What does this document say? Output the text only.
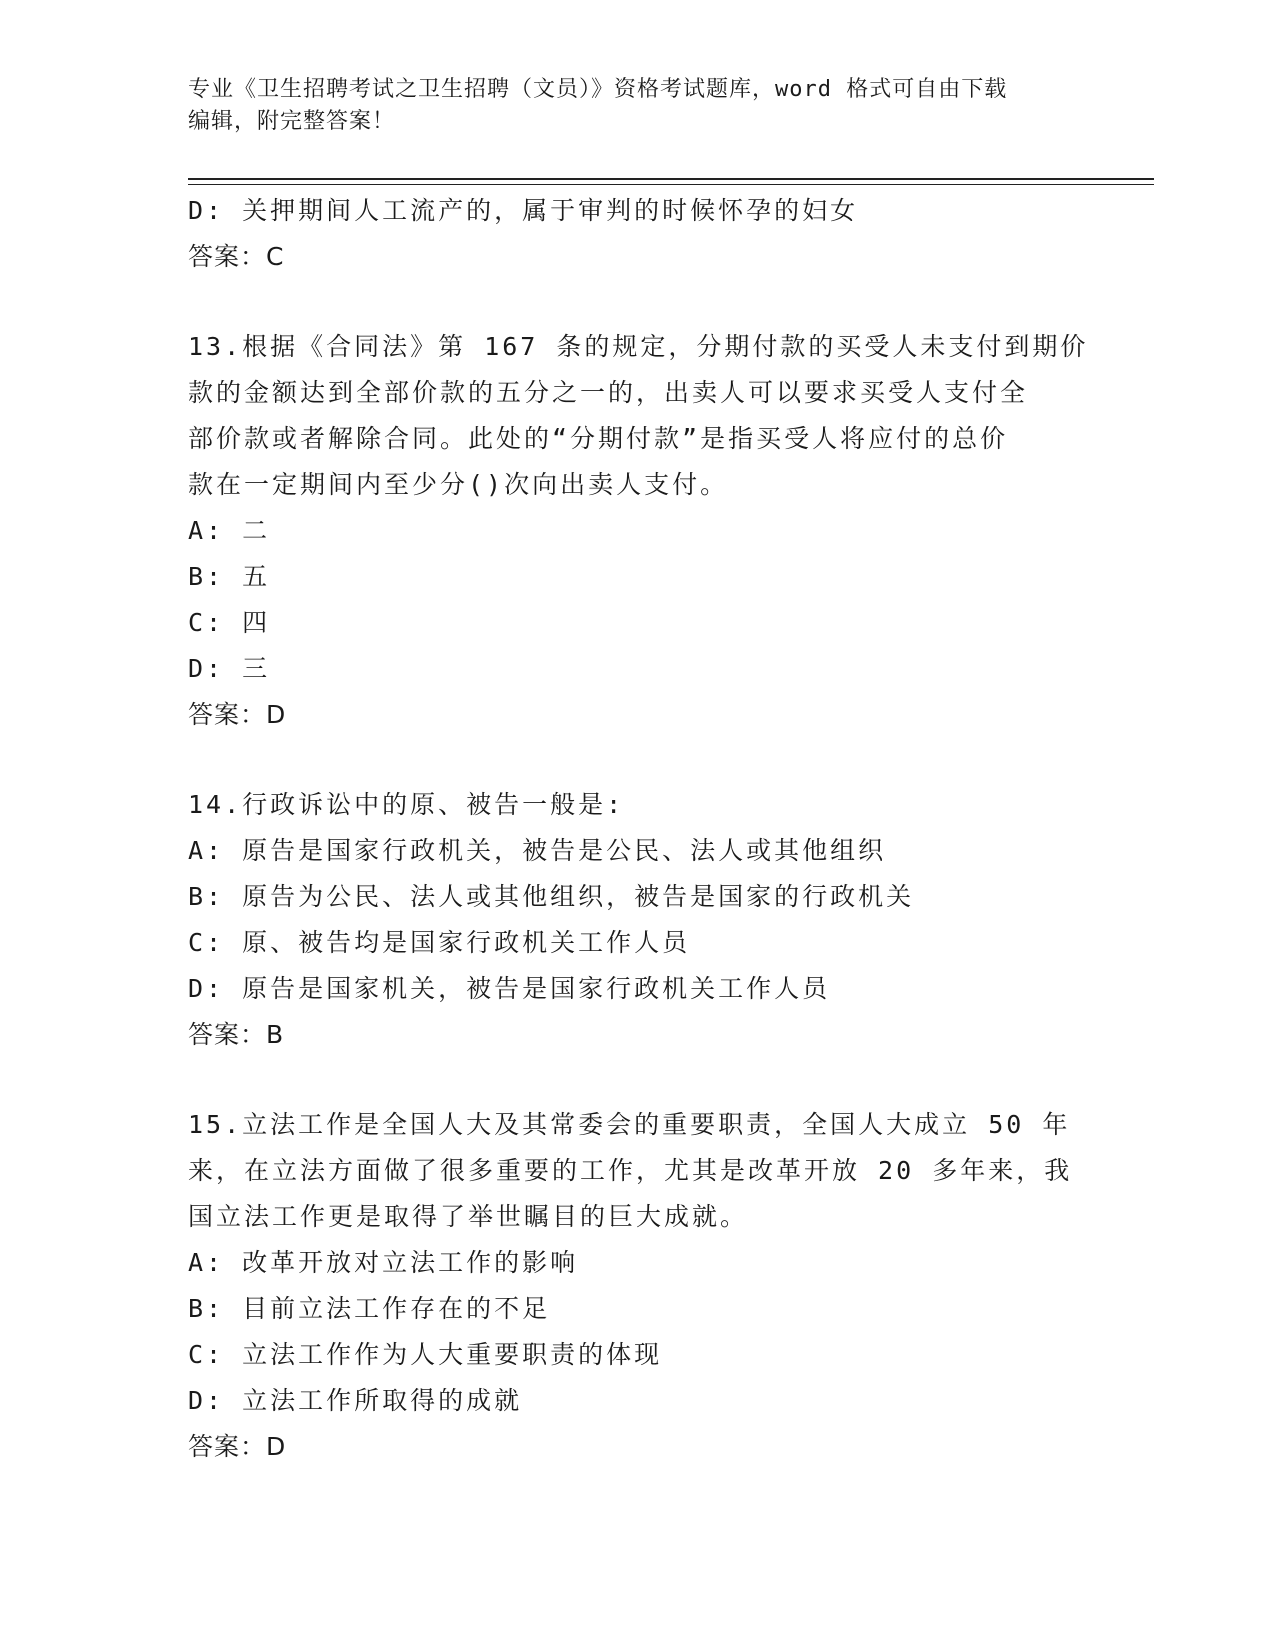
专业《卫生招聘考试之卫生招聘（文员）》资格考试题库，word 格式可自由下载
编辑，附完整答案！
D: 关押期间人工流产的，属于审判的时候怀孕的妇女
答案：C
13.根据《合同法》第 167 条的规定，分期付款的买受人未支付到期价
款的金额达到全部价款的五分之一的，出卖人可以要求买受人支付全
部价款或者解除合同。此处的“分期付款”是指买受人将应付的总价
款在一定期间内至少分()次向出卖人支付。
A: 二
B: 五
C: 四
D: 三
答案：D
14.行政诉讼中的原、被告一般是:
A: 原告是国家行政机关，被告是公民、法人或其他组织
B: 原告为公民、法人或其他组织，被告是国家的行政机关
C: 原、被告均是国家行政机关工作人员
D: 原告是国家机关，被告是国家行政机关工作人员
答案：B
15.立法工作是全国人大及其常委会的重要职责，全国人大成立 50 年
来，在立法方面做了很多重要的工作，尤其是改革开放 20 多年来，我
国立法工作更是取得了举世瞩目的巨大成就。
A: 改革开放对立法工作的影响
B: 目前立法工作存在的不足
C: 立法工作作为人大重要职责的体现
D: 立法工作所取得的成就
答案：D
